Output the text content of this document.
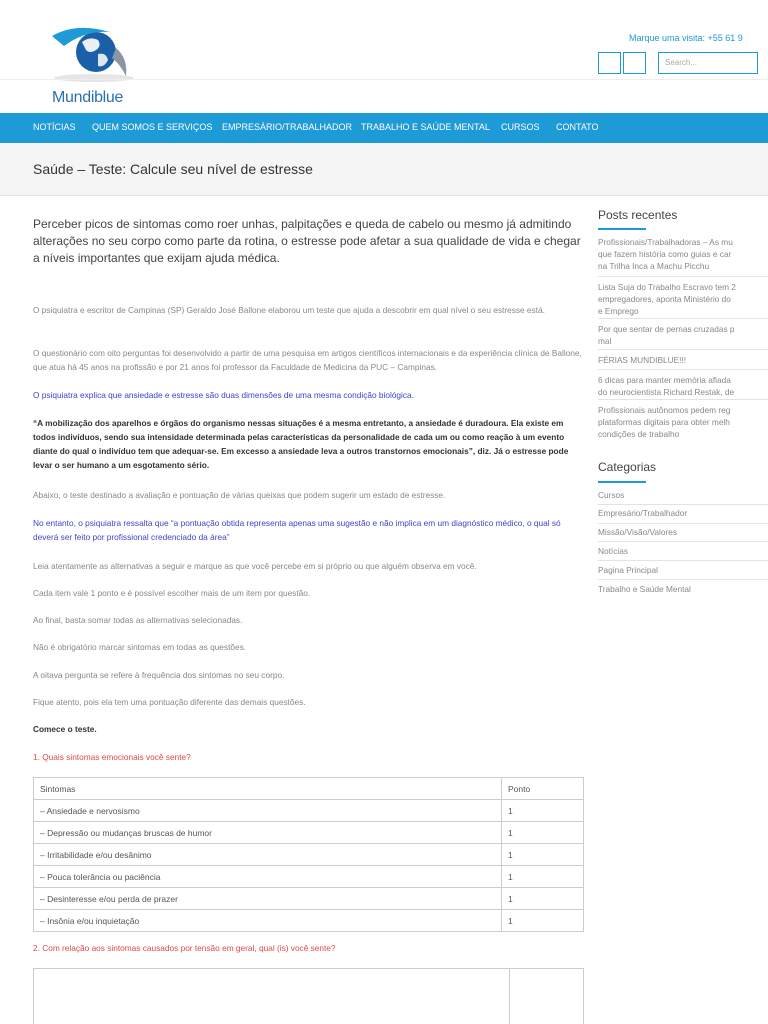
Mundiblue
Marque uma visita: +55 61 9
Search...
NOTÍCIAS QUEM SOMOS E SERVIÇOS EMPRESÁRIO/TRABALHADOR TRABALHO E SAÚDE MENTAL CURSOS CONTATO
Saúde – Teste: Calcule seu nível de estresse
Perceber picos de sintomas como roer unhas, palpitações e queda de cabelo ou mesmo já admitindo alterações no seu corpo como parte da rotina, o estresse pode afetar a sua qualidade de vida e chegar a níveis importantes que exijam ajuda médica.
O psiquiatra e escritor de Campinas (SP) Geraldo José Ballone elaborou um teste que ajuda a descobrir em qual nível o seu estresse está.
O questionário com oito perguntas foi desenvolvido a partir de uma pesquisa em artigos científicos internacionais e da experiência clínica de Ballone, que atua há 45 anos na profissão e por 21 anos foi professor da Faculdade de Medicina da PUC – Campinas.
O psiquiatra explica que ansiedade e estresse são duas dimensões de uma mesma condição biológica.
“A mobilização dos aparelhos e órgãos do organismo nessas situações é a mesma entretanto, a ansiedade é duradoura. Ela existe em todos indivíduos, sendo sua intensidade determinada pelas características da personalidade de cada um ou como reação à um evento diante do qual o indivíduo tem que adequar-se. Em excesso a ansiedade leva a outros transtornos emocionais”, diz. Já o estresse pode levar o ser humano a um esgotamento sério.
Abaixo, o teste destinado a avaliação e pontuação de várias queixas que podem sugerir um estado de estresse.
No entanto, o psiquiatra ressalta que “a pontuação obtida representa apenas uma sugestão e não implica em um diagnóstico médico, o qual só deverá ser feito por profissional credenciado da área”
Leia atentamente as alternativas a seguir e marque as que você percebe em si próprio ou que alguém observa em você.
Cada item vale 1 ponto e é possível escolher mais de um item por questão.
Ao final, basta somar todas as alternativas selecionadas.
Não é obrigatório marcar sintomas em todas as questões.
A oitava pergunta se refere à frequência dos sintomas no seu corpo.
Fique atento, pois ela tem uma pontuação diferente das demais questões.
Comece o teste.
1. Quais sintomas emocionais você sente?
Sintomas	Ponto
– Ansiedade e nervosismo	1
– Depressão ou mudanças bruscas de humor	1
– Irritabilidade e/ou desânimo	1
– Pouca tolerância ou paciência	1
– Desinteresse e/ou perda de prazer	1
– Insônia e/ou inquietação	1
2. Com relação aos sintomas causados por tensão em geral, qual (is) você sente?
Posts recentes
Profissionais/Trabalhadoras – As mu
que fazem história como guias e car
na Trilha Inca a Machu Picchu
Lista Suja do Trabalho Escravo tem 2
empregadores, aponta Ministério do
e Emprego
Por que sentar de pernas cruzadas p
mal
FÉRIAS MUNDIBLUE!!!
6 dicas para manter memória afiada
do neurocientista Richard Restak, de
Profissionais autônomos pedem reg
plataformas digitais para obter melh
condições de trabalho
Categorias
Cursos
Empresário/Trabalhador
Missão/Visão/Valores
Notícias
Pagina Principal
Trabalho e Saúde Mental
